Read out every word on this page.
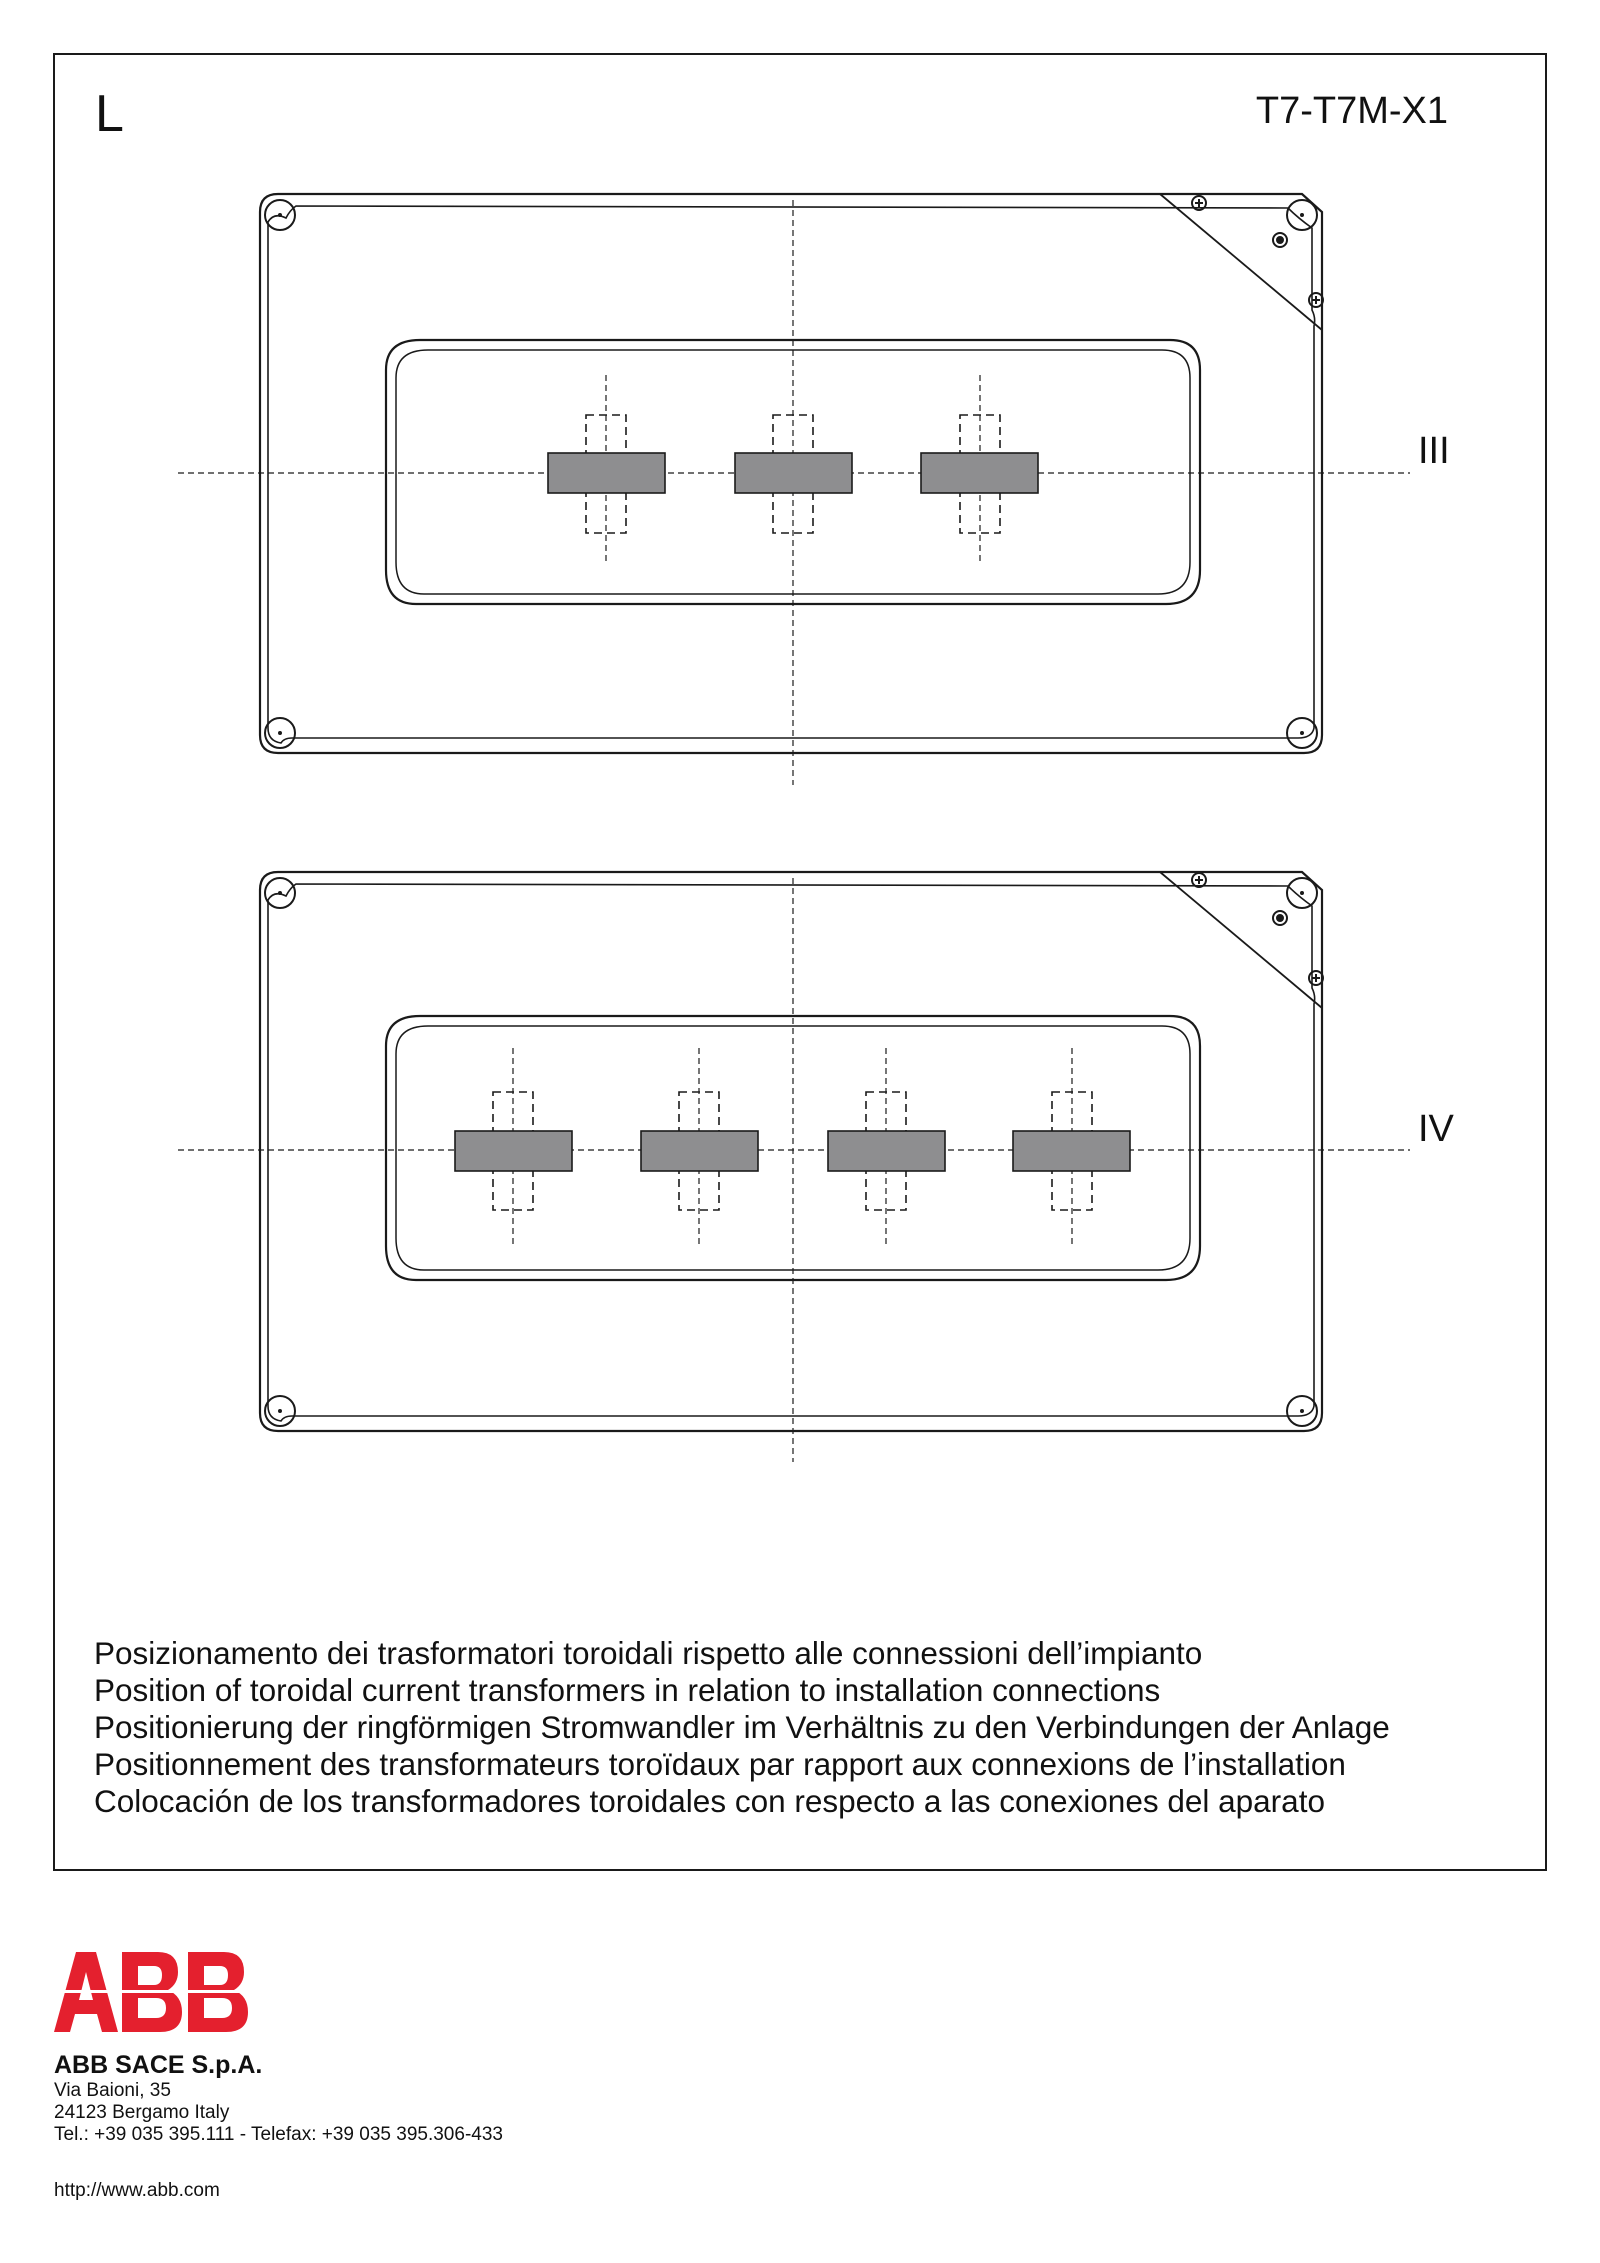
L	T7-T7M-X1
III
IV
Posizionamento dei trasformatori toroidali rispetto alle connessioni dell’impianto
Position of toroidal current transformers in relation to installation connections
Positionierung der ringförmigen Stromwandler im Verhältnis zu den Verbindungen der Anlage
Positionnement des transformateurs toroïdaux par rapport aux connexions de l’installation
Colocación de los transformadores toroidales con respecto a las conexiones del aparato
ABB SACE S.p.A.
Via Baioni, 35
24123 Bergamo Italy
Tel.: +39 035 395.111 - Telefax: +39 035 395.306-433
http://www.abb.com
